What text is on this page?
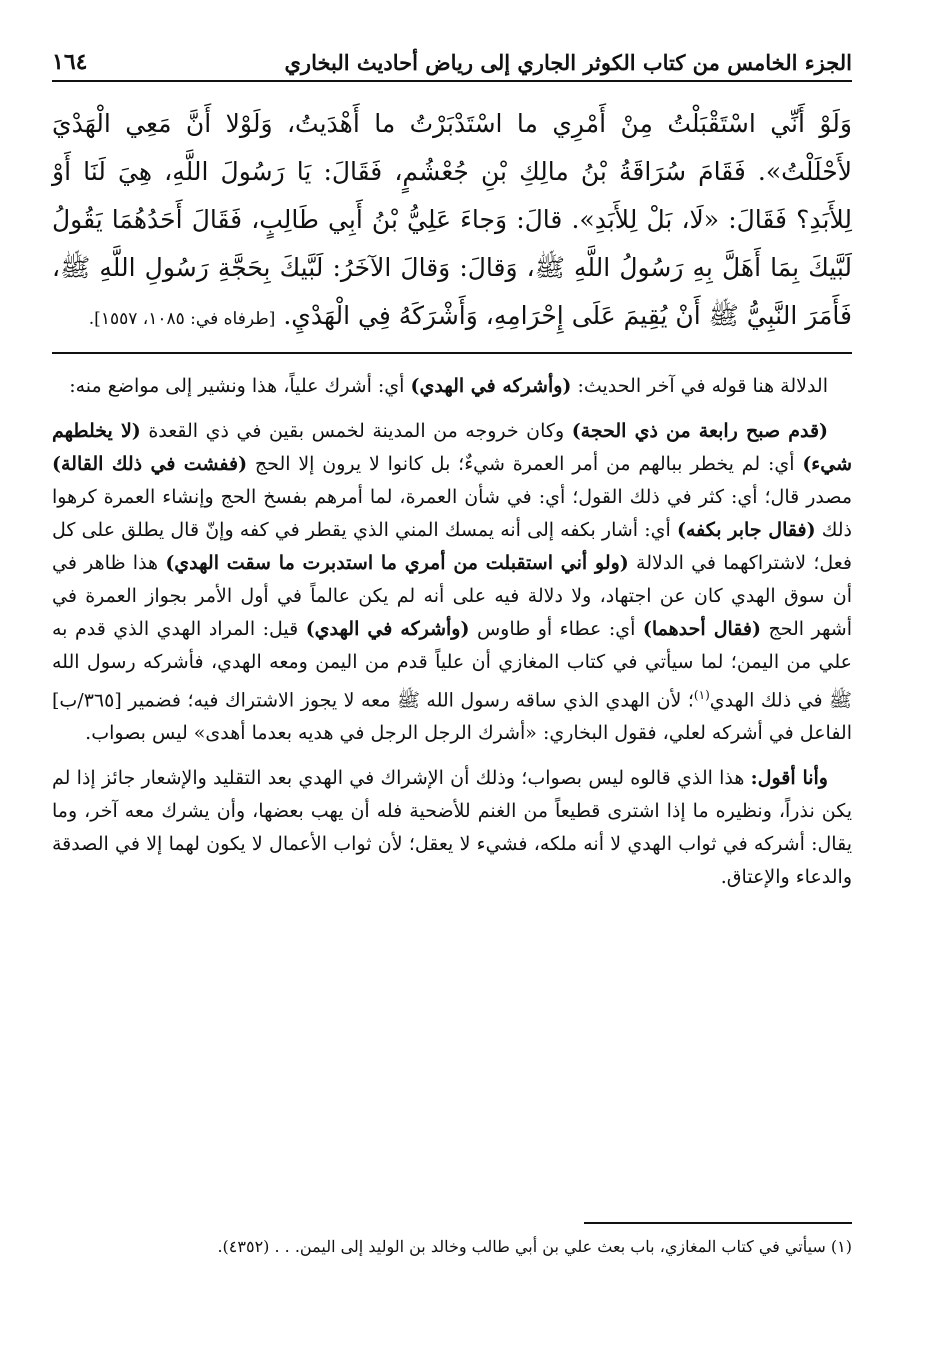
الجزء الخامس من كتاب الكوثر الجاري إلى رياض أحاديث البخاري
١٦٤
وَلَوْ أَنِّي اسْتَقْبَلْتُ مِنْ أَمْرِي ما اسْتَدْبَرْتُ ما أَهْدَيتُ، وَلَوْلا أَنَّ مَعِي الْهَدْيَ لأَحْلَلْتُ». فَقَامَ سُرَاقَةُ بْنُ مالِكِ بْنِ جُعْشُمٍ، فَقَالَ: يَا رَسُولَ اللَّهِ، هِيَ لَنَا أَوْ لِلأَبَدِ؟ فَقَالَ: «لَا، بَلْ لِلأَبَدِ». قالَ: وَجاءَ عَلِيُّ بْنُ أَبِي طَالِبٍ، فَقَالَ أَحَدُهُمَا يَقُولُ لَبَّيكَ بِمَا أَهَلَّ بِهِ رَسُولُ اللَّهِ ﷺ، وَقالَ: وَقالَ الآخَرُ: لَبَّيكَ بِحَجَّةِ رَسُولِ اللَّهِ ﷺ، فَأَمَرَ النَّبِيُّ ﷺ أَنْ يُقِيمَ عَلَى إِحْرَامِهِ، وَأَشْرَكَهُ فِي الْهَدْيِ. [طرفاه في: ١٠٨٥، ١٥٥٧].

الدلالة هنا قوله في آخر الحديث: (وأشركه في الهدي) أي: أشرك علياً، هذا ونشير إلى مواضع منه:

(قدم صبح رابعة من ذي الحجة) وكان خروجه من المدينة لخمس بقين في ذي القعدة (لا يخلطهم شيء) أي: لم يخطر ببالهم من أمر العمرة شيءٌ؛ بل كانوا لا يرون إلا الحج (ففشت في ذلك القالة) مصدر قال؛ أي: كثر في ذلك القول؛ أي: في شأن العمرة، لما أمرهم بفسخ الحج وإنشاء العمرة كرهوا ذلك (فقال جابر بكفه) أي: أشار بكفه إلى أنه يمسك المني الذي يقطر في كفه وإنّ قال يطلق على كل فعل؛ لاشتراكهما في الدلالة (ولو أني استقبلت من أمري ما استدبرت ما سقت الهدي) هذا ظاهر في أن سوق الهدي كان عن اجتهاد، ولا دلالة فيه على أنه لم يكن عالماً في أول الأمر بجواز العمرة في أشهر الحج (فقال أحدهما) أي: عطاء أو طاوس (وأشركه في الهدي) قيل: المراد الهدي الذي قدم به علي من اليمن؛ لما سيأتي في كتاب المغازي أن علياً قدم من اليمن ومعه الهدي، فأشركه رسول الله ﷺ في ذلك الهدي$^{(١)}$؛ لأن الهدي الذي ساقه رسول الله ﷺ معه لا يجوز الاشتراك فيه؛ فضمير [٣٦٥/ب] الفاعل في أشركه لعلي، فقول البخاري: «أشرك الرجل الرجل في هديه بعدما أهدى» ليس بصواب.

وأنا أقول: هذا الذي قالوه ليس بصواب؛ وذلك أن الإشراك في الهدي بعد التقليد والإشعار جائز إذا لم يكن نذراً، ونظيره ما إذا اشترى قطيعاً من الغنم للأضحية فله أن يهب بعضها، وأن يشرك معه آخر، وما يقال: أشركه في ثواب الهدي لا أنه ملكه، فشيء لا يعقل؛ لأن ثواب الأعمال لا يكون لهما إلا في الصدقة والدعاء والإعتاق.

(١) سيأتي في كتاب المغازي، باب بعث علي بن أبي طالب وخالد بن الوليد إلى اليمن. . . (٤٣٥٢).
